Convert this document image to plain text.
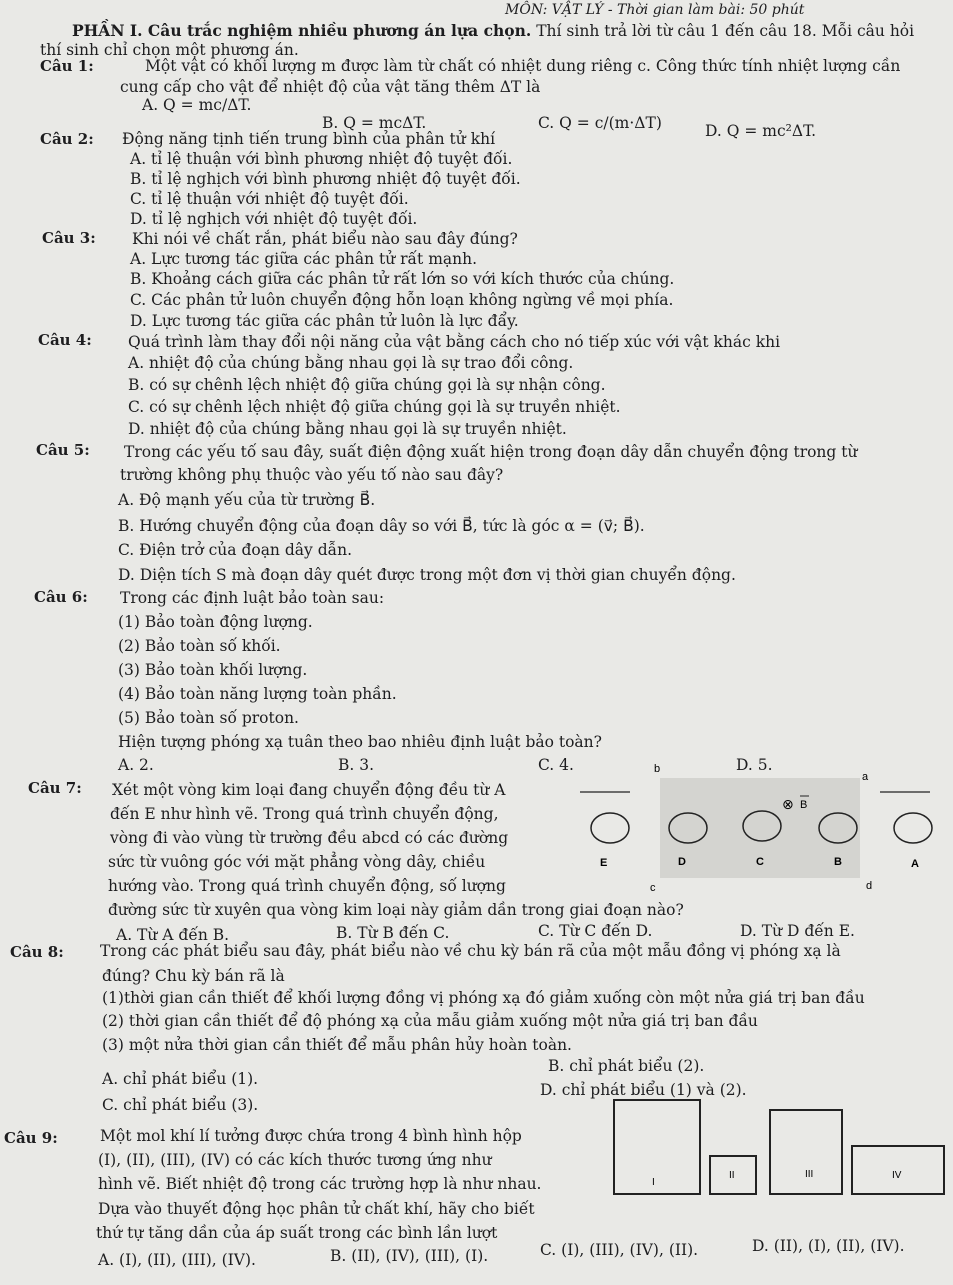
MÔN: VẬT LÝ - Thời gian làm bài: 50 phút
PHẦN I. Câu trắc nghiệm nhiều phương án lựa chọn. Thí sinh trả lời từ câu 1 đến câu 18. Mỗi câu hỏi
thí sinh chỉ chọn một phương án.
Câu 1:	Một vật có khối lượng m được làm từ chất có nhiệt dung riêng c. Công thức tính nhiệt lượng cần
cung cấp cho vật để nhiệt độ của vật tăng thêm ΔT là
A. Q = mc/ΔT.
B. Q = mcΔT.	C. Q = c/(m·ΔT)	D. Q = mc²ΔT.
Câu 2: Động năng tịnh tiến trung bình của phân tử khí
A. tỉ lệ thuận với bình phương nhiệt độ tuyệt đối.
B. tỉ lệ nghịch với bình phương nhiệt độ tuyệt đối.
C. tỉ lệ thuận với nhiệt độ tuyệt đối.
D. tỉ lệ nghịch với nhiệt độ tuyệt đối.
Câu 3: Khi nói về chất rắn, phát biểu nào sau đây đúng?
A. Lực tương tác giữa các phân tử rất mạnh.
B. Khoảng cách giữa các phân tử rất lớn so với kích thước của chúng.
C. Các phân tử luôn chuyển động hỗn loạn không ngừng về mọi phía.
D. Lực tương tác giữa các phân tử luôn là lực đẩy.
Câu 4: Quá trình làm thay đổi nội năng của vật bằng cách cho nó tiếp xúc với vật khác khi
A. nhiệt độ của chúng bằng nhau gọi là sự trao đổi công.
B. có sự chênh lệch nhiệt độ giữa chúng gọi là sự nhận công.
C. có sự chênh lệch nhiệt độ giữa chúng gọi là sự truyền nhiệt.
D. nhiệt độ của chúng bằng nhau gọi là sự truyền nhiệt.
Câu 5: Trong các yếu tố sau đây, suất điện động xuất hiện trong đoạn dây dẫn chuyển động trong từ
trường không phụ thuộc vào yếu tố nào sau đây?
A. Độ mạnh yếu của từ trường B⃗.
B. Hướng chuyển động của đoạn dây so với B⃗, tức là góc α = (v⃗; B⃗).
C. Điện trở của đoạn dây dẫn.
D. Diện tích S mà đoạn dây quét được trong một đơn vị thời gian chuyển động.
Câu 6: Trong các định luật bảo toàn sau:
(1) Bảo toàn động lượng.
(2) Bảo toàn số khối.
(3) Bảo toàn khối lượng.
(4) Bảo toàn năng lượng toàn phần.
(5) Bảo toàn số proton.
Hiện tượng phóng xạ tuân theo bao nhiêu định luật bảo toàn?
A. 2.	B. 3.	C. 4.	D. 5.
Câu 7: Xét một vòng kim loại đang chuyển động đều từ A
đến E như hình vẽ. Trong quá trình chuyển động,
vòng đi vào vùng từ trường đều abcd có các đường
sức từ vuông góc với mặt phẳng vòng dây, chiều
hướng vào. Trong quá trình chuyển động, số lượng
đường sức từ xuyên qua vòng kim loại này giảm dần trong giai đoạn nào?
A. Từ A đến B.	B. Từ B đến C.	C. Từ C đến D.	D. Từ D đến E.
b
a
c	d
⊗ B
E	D	C	B	A
Câu 8: Trong các phát biểu sau đây, phát biểu nào về chu kỳ bán rã của một mẫu đồng vị phóng xạ là
đúng? Chu kỳ bán rã là
(1)thời gian cần thiết để khối lượng đồng vị phóng xạ đó giảm xuống còn một nửa giá trị ban đầu
(2) thời gian cần thiết để độ phóng xạ của mẫu giảm xuống một nửa giá trị ban đầu
(3) một nửa thời gian cần thiết để mẫu phân hủy hoàn toàn.
A. chỉ phát biểu (1).
B. chỉ phát biểu (2).
C. chỉ phát biểu (3).
D. chỉ phát biểu (1) và (2).
Câu 9:	Một mol khí lí tưởng được chứa trong 4 bình hình hộp
(I), (II), (III), (IV) có các kích thước tương ứng như
hình vẽ. Biết nhiệt độ trong các trường hợp là như nhau.
Dựa vào thuyết động học phân tử chất khí, hãy cho biết
thứ tự tăng dần của áp suất trong các bình lần lượt
A. (I), (II), (III), (IV).	B. (II), (IV), (III), (I).	C. (I), (III), (IV), (II).	D. (II), (I), (II), (IV).
I
II	III	IV
